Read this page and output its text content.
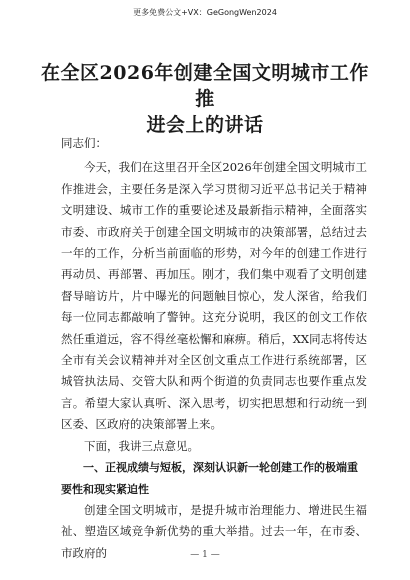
更多免费公文+VX：GeGongWen2024
在全区2026年创建全国文明城市工作推
进会上的讲话

同志们：

今天，我们在这里召开全区2026年创建全国文明城市工作推进会，主要任务是深入学习贯彻习近平总书记关于精神文明建设、城市工作的重要论述及最新指示精神，全面落实市委、市政府关于创建全国文明城市的决策部署，总结过去一年的工作，分析当前面临的形势，对今年的创建工作进行再动员、再部署、再加压。刚才，我们集中观看了文明创建督导暗访片，片中曝光的问题触目惊心，发人深省，给我们每一位同志都敲响了警钟。这充分说明，我区的创文工作依然任重道远，容不得丝毫松懈和麻痹。稍后，XX同志将传达全市有关会议精神并对全区创文重点工作进行系统部署，区城管执法局、交管大队和两个街道的负责同志也要作重点发言。希望大家认真听、深入思考，切实把思想和行动统一到区委、区政府的决策部署上来。

下面，我讲三点意见。

一、正视成绩与短板，深刻认识新一轮创建工作的极端重要性和现实紧迫性

创建全国文明城市，是提升城市治理能力、增进民生福祉、塑造区域竞争新优势的重大举措。过去一年，在市委、市政府的	— 1 —
